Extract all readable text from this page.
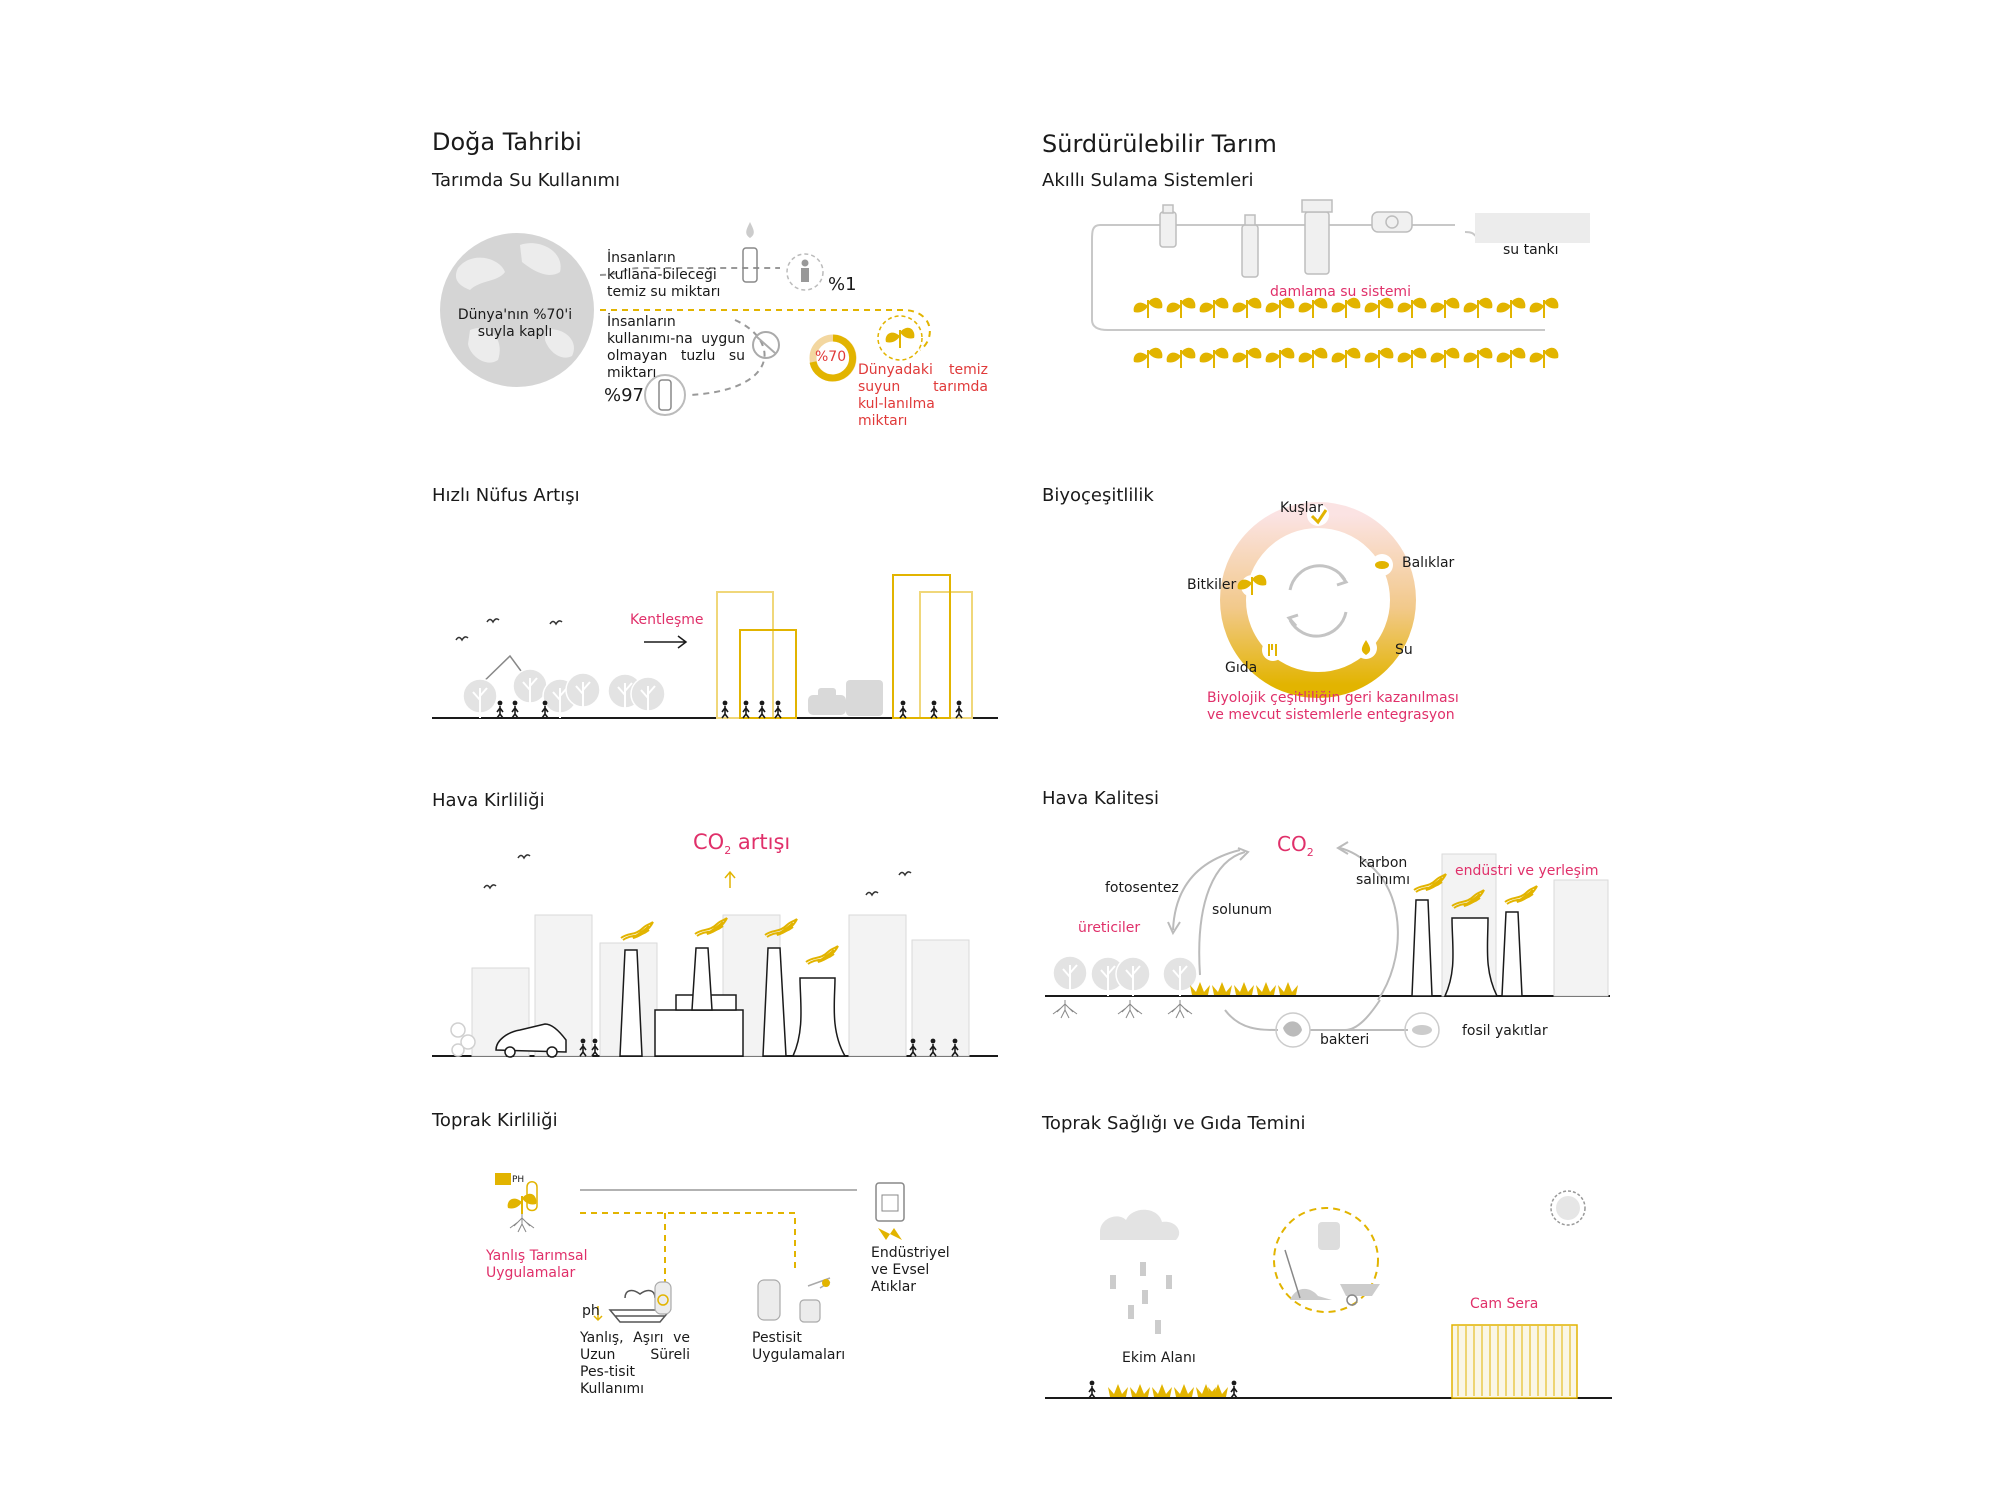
Doğa Tahribi	Sürdürülebilir Tarım
Tarımda Su Kullanımı
Dünya'nın %70'i suyla kaplı
İnsanların kullana-bileceği temiz su miktarı	%1
İnsanların kullanımı-na uygun olmayan tuzlu su miktarı
%97
%70
Dünyadaki temiz suyun tarımda kul-lanılma miktarı
Akıllı Sulama Sistemleri
su tankı
damlama su sistemi
Hızlı Nüfus Artışı
Kentleşme
Biyoçeşitlilik
Kuşlar
Balıklar
Bitkiler
Gıda
Su
Biyolojik çeşitliliğin geri kazanılması ve mevcut sistemlerle entegrasyon
Hava Kirliliği
$CO_2$ artışı
Hava Kalitesi
$CO_2$
fotosentez
solunum
üreticiler
karbon salınımı
endüstri ve yerleşim
bakteri
fosil yakıtlar
Toprak Kirliliği
PH
Yanlış Tarımsal Uygulamalar
ph
Yanlış, Aşırı ve Uzun Süreli Pes-tisit Kullanımı
Pestisit Uygulamaları
Endüstriyel ve Evsel Atıklar
Toprak Sağlığı ve Gıda Temini
Ekim Alanı
Cam Sera
